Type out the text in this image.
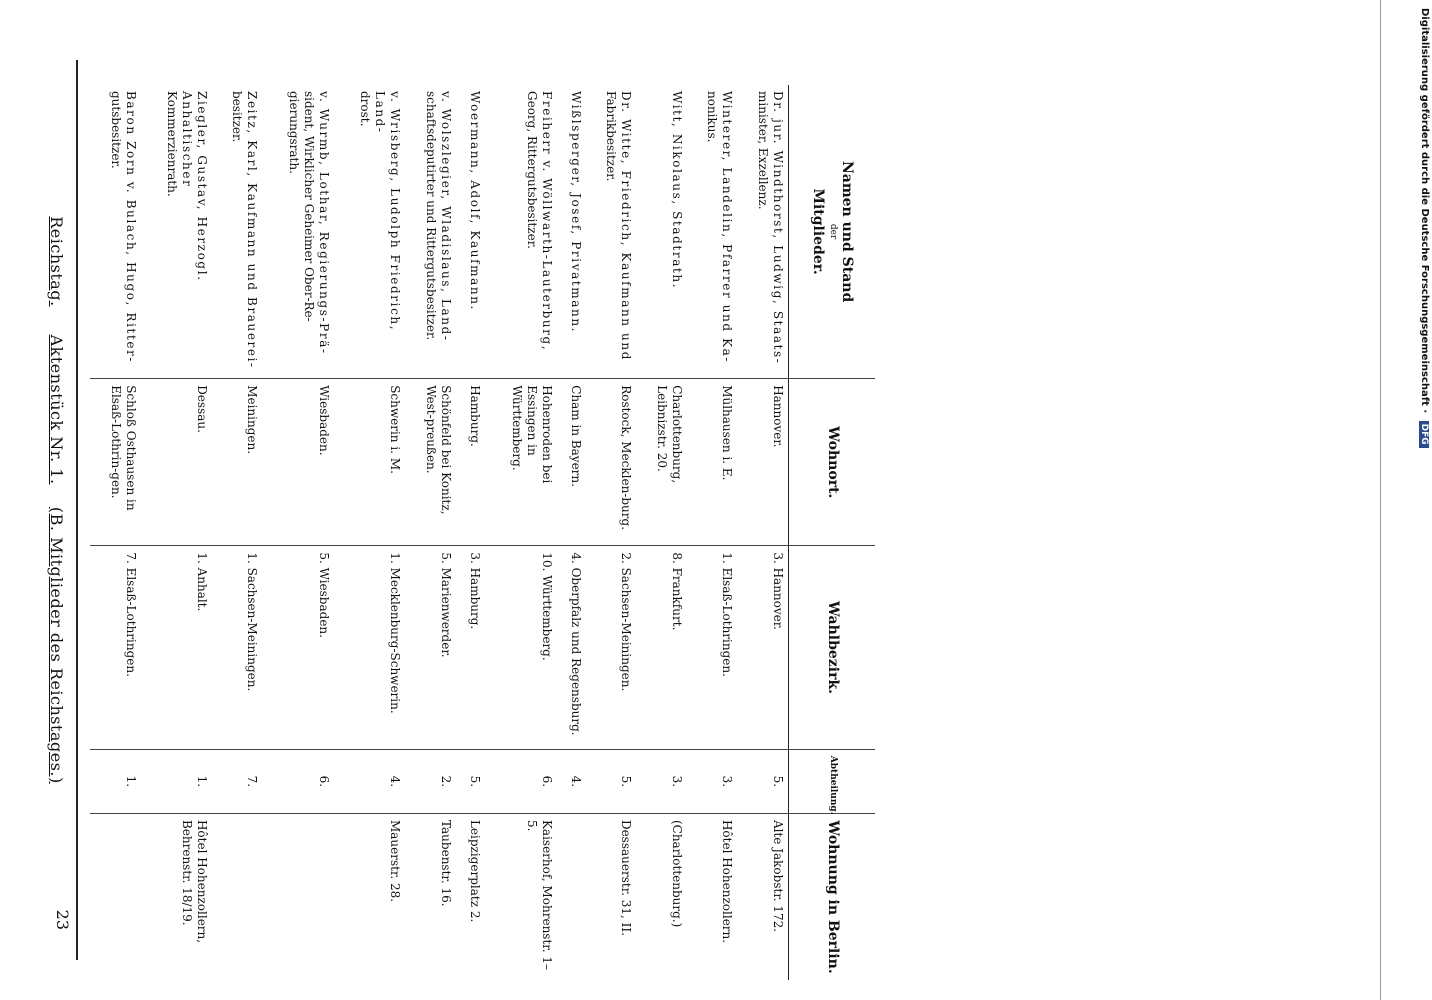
Reichstag.     Aktenstück Nr. 1.    (B. Mitglieder des Reichstages.)
23
Namen und Stand
der
Mitglieder.	Wohnort.	Wahlbezirk.	Abtheilung.	Wohnung in Berlin.
Dr. jur. Windthorst, Ludwig, Staats-
minister, Exzellenz.	Hannover.	3. Hannover.	5.	Alte Jakobstr. 172.
Winterer, Landelin, Pfarrer und Ka-
nonikus.	Mülhausen i. E.	1. Elsaß-Lothringen.	3.	Hôtel Hohenzollern.
Witt, Nikolaus, Stadtrath.	Charlottenburg, Leibnizstr. 20.	8. Frankfurt.	3.	(Charlottenburg.)
Dr. Witte, Friedrich, Kaufmann und
Fabrikbesitzer.	Rostock, Mecklen-burg.	2. Sachsen-Meiningen.	5.	Dessauerstr. 31, II.
Wißlsperger, Josef, Privatmann.	Cham in Bayern.	4. Oberpfalz und Regensburg.	4.	
Freiherr v. Wöllwarth-Lauterburg,
Georg, Rittergutsbesitzer.	Hohenroden bei Essingen in Württemberg.	10. Württemberg.	6.	Kaiserhof, Mohrenstr. 1–5.
Woermann, Adolf, Kaufmann.	Hamburg.	3. Hamburg.	5.	Leipzigerplatz 2.
v. Wolszlegier, Wladislaus, Land-
schaftsdeputirter und Rittergutsbesitzer.	Schönfeld bei Konitz, West-preußen.	5. Marienwerder.	2.	Taubenstr. 16.
v. Wrisberg, Ludolph Friedrich, Land-
drost.	Schwerin i. M.	1. Mecklenburg-Schwerin.	4.	Mauerstr. 28.
v. Wurmb, Lothar, Regierungs-Prä-
sident, Wirklicher Geheimer Ober-Re-gierungsrath.	Wiesbaden.	5. Wiesbaden.	6.	
Zeitz, Karl, Kaufmann und Brauerei-
besitzer.	Meiningen.	1. Sachsen-Meiningen.	7.	
Ziegler, Gustav, Herzogl. Anhaltischer
Kommerzienrath.	Dessau.	1. Anhalt.	1.	Hôtel Hohenzollern, Behrenstr. 18/19.
Baron Zorn v. Bulach, Hugo, Ritter-
gutsbesitzer.	Schloß Osthausen in Elsaß-Lothrin-gen.	7. Elsaß-Lothringen.	1.	
Digitalisierung gefördert durch die Deutsche Forschungsgemeinschaft · DFG
